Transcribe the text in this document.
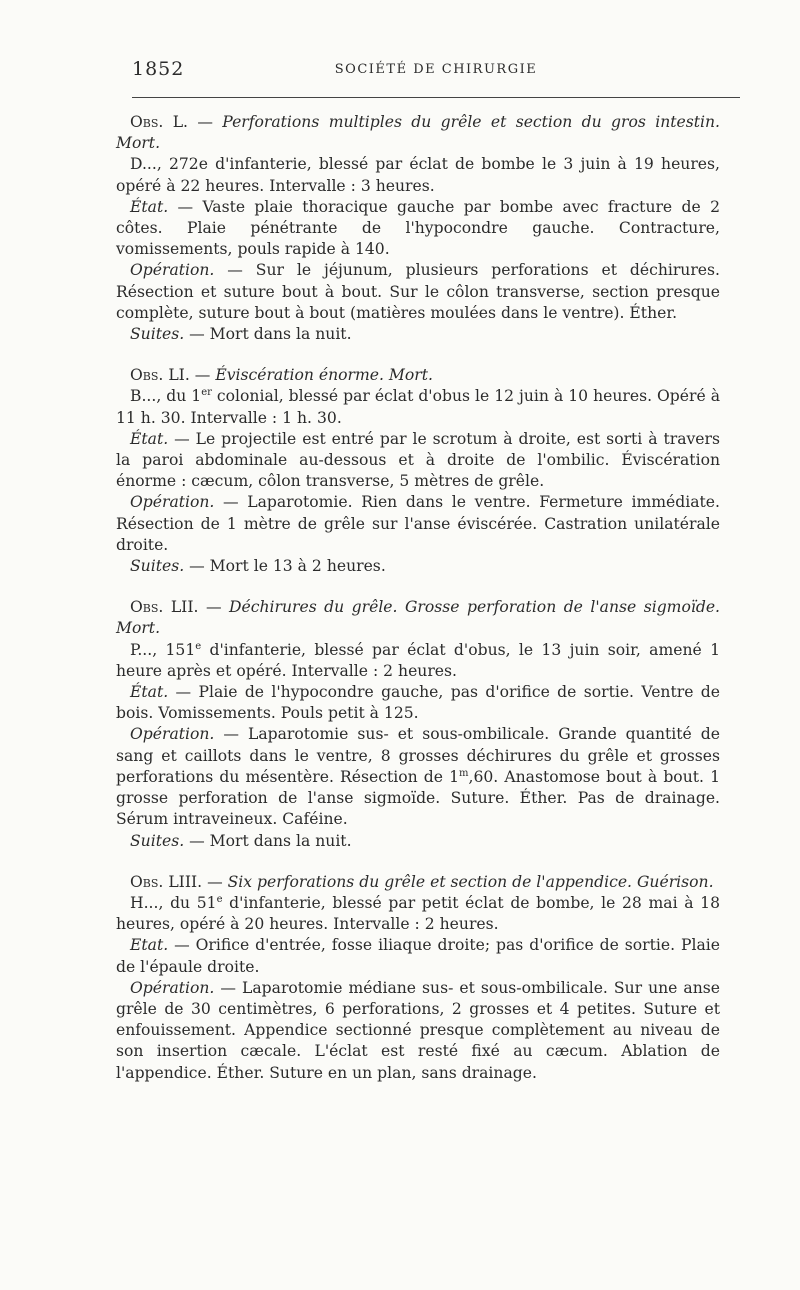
1852	SOCIÉTÉ DE CHIRURGIE

Obs. L. — Perforations multiples du grêle et section du gros intestin. Mort.

D..., 272e d'infanterie, blessé par éclat de bombe le 3 juin à 19 heures, opéré à 22 heures. Intervalle : 3 heures.

État. — Vaste plaie thoracique gauche par bombe avec fracture de 2 côtes. Plaie pénétrante de l'hypocondre gauche. Contracture, vomissements, pouls rapide à 140.

Opération. — Sur le jéjunum, plusieurs perforations et déchirures. Résection et suture bout à bout. Sur le côlon transverse, section presque complète, suture bout à bout (matières moulées dans le ventre). Éther.

Suites. — Mort dans la nuit.

Obs. LI. — Éviscération énorme. Mort.

B..., du 1er colonial, blessé par éclat d'obus le 12 juin à 10 heures. Opéré à 11 h. 30. Intervalle : 1 h. 30.

État. — Le projectile est entré par le scrotum à droite, est sorti à travers la paroi abdominale au-dessous et à droite de l'ombilic. Éviscération énorme : cæcum, côlon transverse, 5 mètres de grêle.

Opération. — Laparotomie. Rien dans le ventre. Fermeture immédiate. Résection de 1 mètre de grêle sur l'anse éviscérée. Castration unilatérale droite.

Suites. — Mort le 13 à 2 heures.

Obs. LII. — Déchirures du grêle. Grosse perforation de l'anse sigmoïde. Mort.

P..., 151e d'infanterie, blessé par éclat d'obus, le 13 juin soir, amené 1 heure après et opéré. Intervalle : 2 heures.

État. — Plaie de l'hypocondre gauche, pas d'orifice de sortie. Ventre de bois. Vomissements. Pouls petit à 125.

Opération. — Laparotomie sus- et sous-ombilicale. Grande quantité de sang et caillots dans le ventre, 8 grosses déchirures du grêle et grosses perforations du mésentère. Résection de 1$^m$,60. Anastomose bout à bout. 1 grosse perforation de l'anse sigmoïde. Suture. Éther. Pas de drainage. Sérum intraveineux. Caféine.

Suites. — Mort dans la nuit.

Obs. LIII. — Six perforations du grêle et section de l'appendice. Guérison.

H..., du 51e d'infanterie, blessé par petit éclat de bombe, le 28 mai à 18 heures, opéré à 20 heures. Intervalle : 2 heures.

Etat. — Orifice d'entrée, fosse iliaque droite; pas d'orifice de sortie. Plaie de l'épaule droite.

Opération. — Laparotomie médiane sus- et sous-ombilicale. Sur une anse grêle de 30 centimètres, 6 perforations, 2 grosses et 4 petites. Suture et enfouissement. Appendice sectionné presque complètement au niveau de son insertion cæcale. L'éclat est resté fixé au cæcum. Ablation de l'appendice. Éther. Suture en un plan, sans drainage.
